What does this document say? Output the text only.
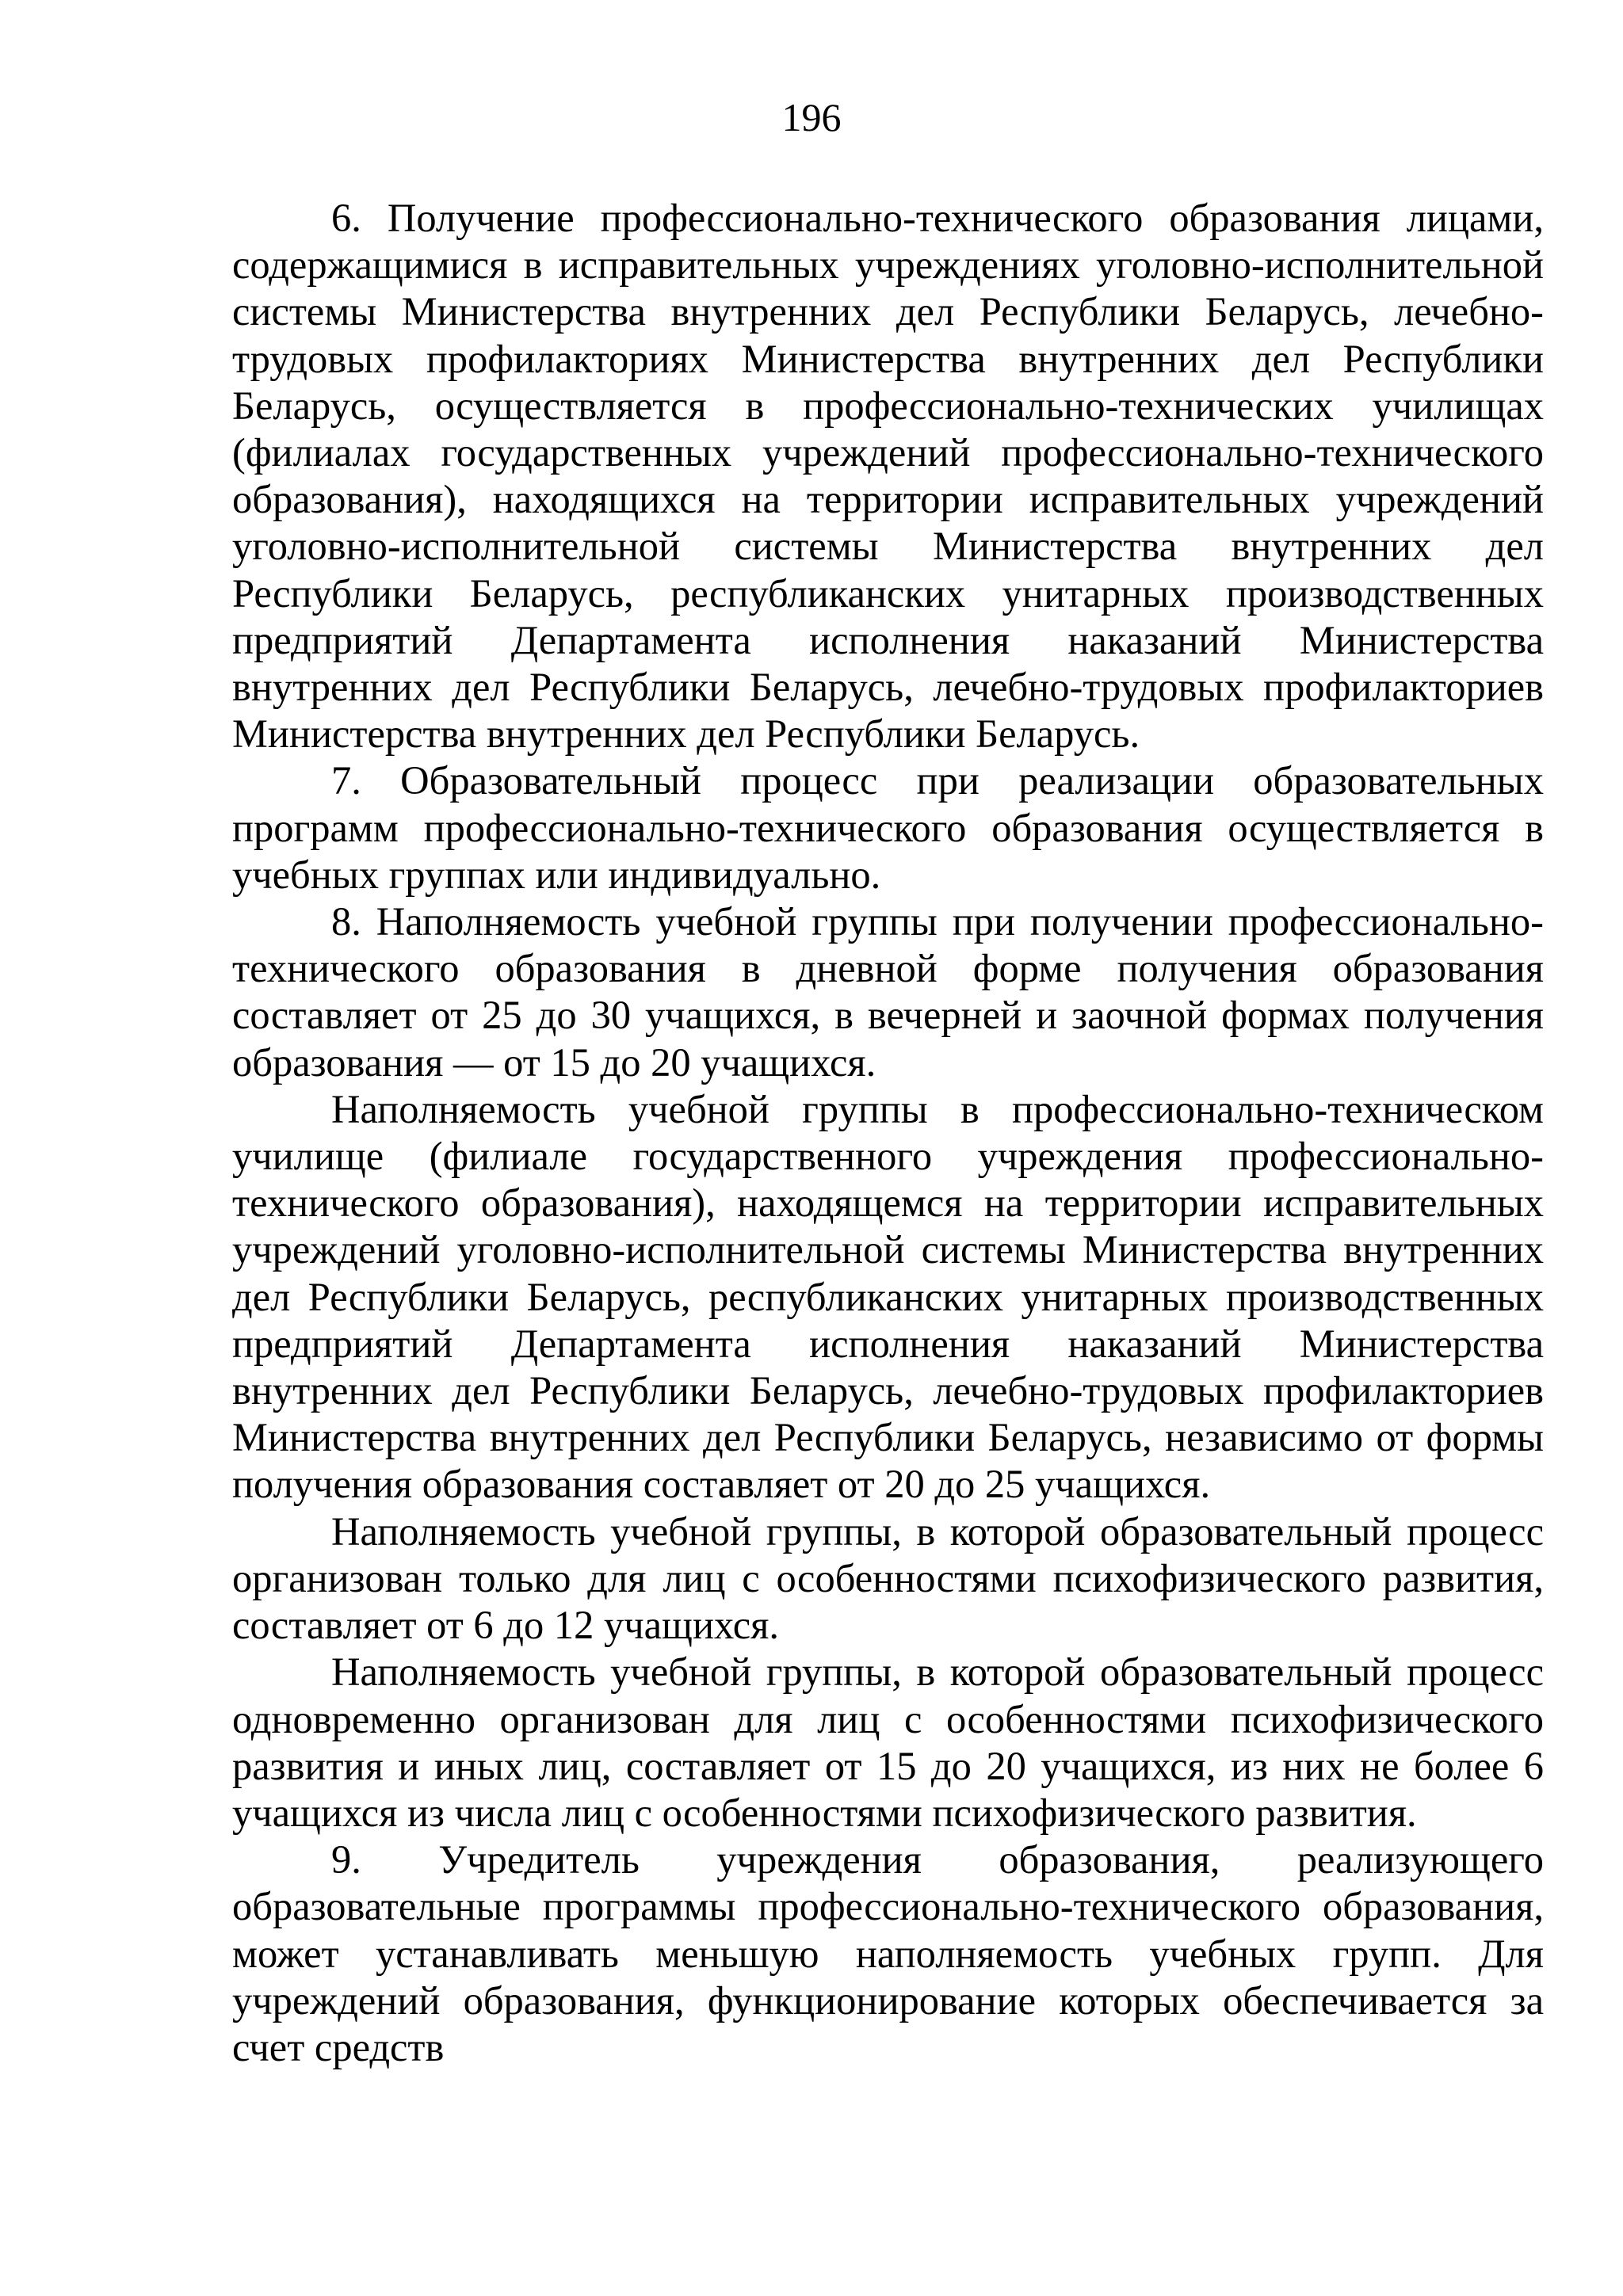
196

6. Получение профессионально-технического образования лицами, содержащимися в исправительных учреждениях уголовно-исполнительной системы Министерства внутренних дел Республики Беларусь, лечебно-трудовых профилакториях Министерства внутренних дел Республики Беларусь, осуществляется в профессионально-технических училищах (филиалах государственных учреждений профессионально-технического образования), находящихся на территории исправительных учреждений уголовно-исполнительной системы Министерства внутренних дел Республики Беларусь, республиканских унитарных производственных предприятий Департамента исполнения наказаний Министерства внутренних дел Республики Беларусь, лечебно-трудовых профилакториев Министерства внутренних дел Республики Беларусь.

7. Образовательный процесс при реализации образовательных программ профессионально-технического образования осуществляется в учебных группах или индивидуально.

8. Наполняемость учебной группы при получении профессионально-технического образования в дневной форме получения образования составляет от 25 до 30 учащихся, в вечерней и заочной формах получения образования — от 15 до 20 учащихся.

Наполняемость учебной группы в профессионально-техническом училище (филиале государственного учреждения профессионально-технического образования), находящемся на территории исправительных учреждений уголовно-исполнительной системы Министерства внутренних дел Республики Беларусь, республиканских унитарных производственных предприятий Департамента исполнения наказаний Министерства внутренних дел Республики Беларусь, лечебно-трудовых профилакториев Министерства внутренних дел Республики Беларусь, независимо от формы получения образования составляет от 20 до 25 учащихся.

Наполняемость учебной группы, в которой образовательный процесс организован только для лиц с особенностями психофизического развития, составляет от 6 до 12 учащихся.

Наполняемость учебной группы, в которой образовательный процесс одновременно организован для лиц с особенностями психофизического развития и иных лиц, составляет от 15 до 20 учащихся, из них не более 6 учащихся из числа лиц с особенностями психофизического развития.

9. Учредитель учреждения образования, реализующего образовательные программы профессионально-технического образования, может устанавливать меньшую наполняемость учебных групп. Для учреждений образования, функционирование которых обеспечивается за счет средств
